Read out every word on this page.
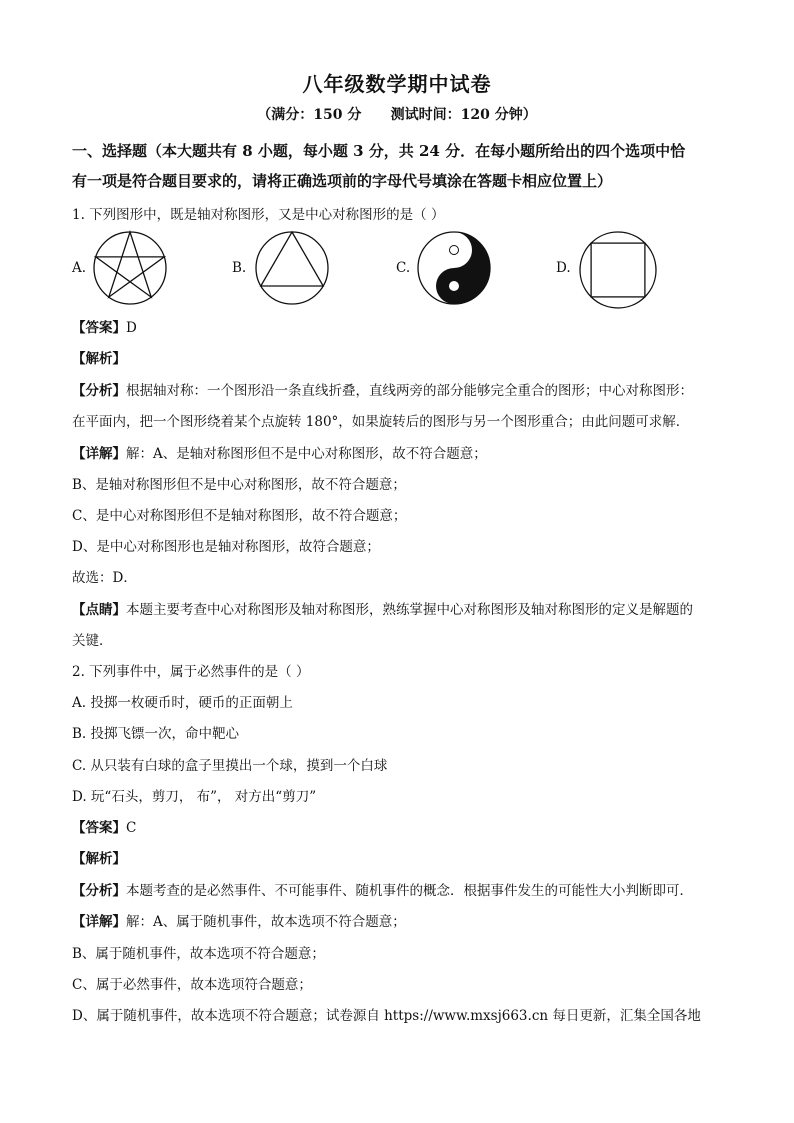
八年级数学期中试卷
（满分：150 分      测试时间：120 分钟）
一、选择题（本大题共有 8 小题，每小题 3 分，共 24 分．在每小题所给出的四个选项中恰
有一项是符合题目要求的，请将正确选项前的字母代号填涂在答题卡相应位置上）
1. 下列图形中，既是轴对称图形，又是中心对称图形的是（ ）
A.	B.	C.	D.
【答案】D
【解析】
【分析】根据轴对称：一个图形沿一条直线折叠，直线两旁的部分能够完全重合的图形；中心对称图形：
在平面内，把一个图形绕着某个点旋转 180°，如果旋转后的图形与另一个图形重合；由此问题可求解．
【详解】解：A、是轴对称图形但不是中心对称图形，故不符合题意；
B、是轴对称图形但不是中心对称图形，故不符合题意；
C、是中心对称图形但不是轴对称图形，故不符合题意；
D、是中心对称图形也是轴对称图形，故符合题意；
故选：D．
【点睛】本题主要考查中心对称图形及轴对称图形，熟练掌握中心对称图形及轴对称图形的定义是解题的
关键．
2. 下列事件中，属于必然事件的是（ ）
A. 投掷一枚硬币时，硬币的正面朝上
B. 投掷飞镖一次，命中靶心
C. 从只装有白球的盒子里摸出一个球，摸到一个白球
D. 玩“石头，剪刀， 布”， 对方出“剪刀”
【答案】C
【解析】
【分析】本题考查的是必然事件、不可能事件、随机事件的概念．根据事件发生的可能性大小判断即可．
【详解】解：A、属于随机事件，故本选项不符合题意；
B、属于随机事件，故本选项不符合题意；
C、属于必然事件，故本选项符合题意；
D、属于随机事件，故本选项不符合题意；试卷源自 https://www.mxsj663.cn 每日更新，汇集全国各地
